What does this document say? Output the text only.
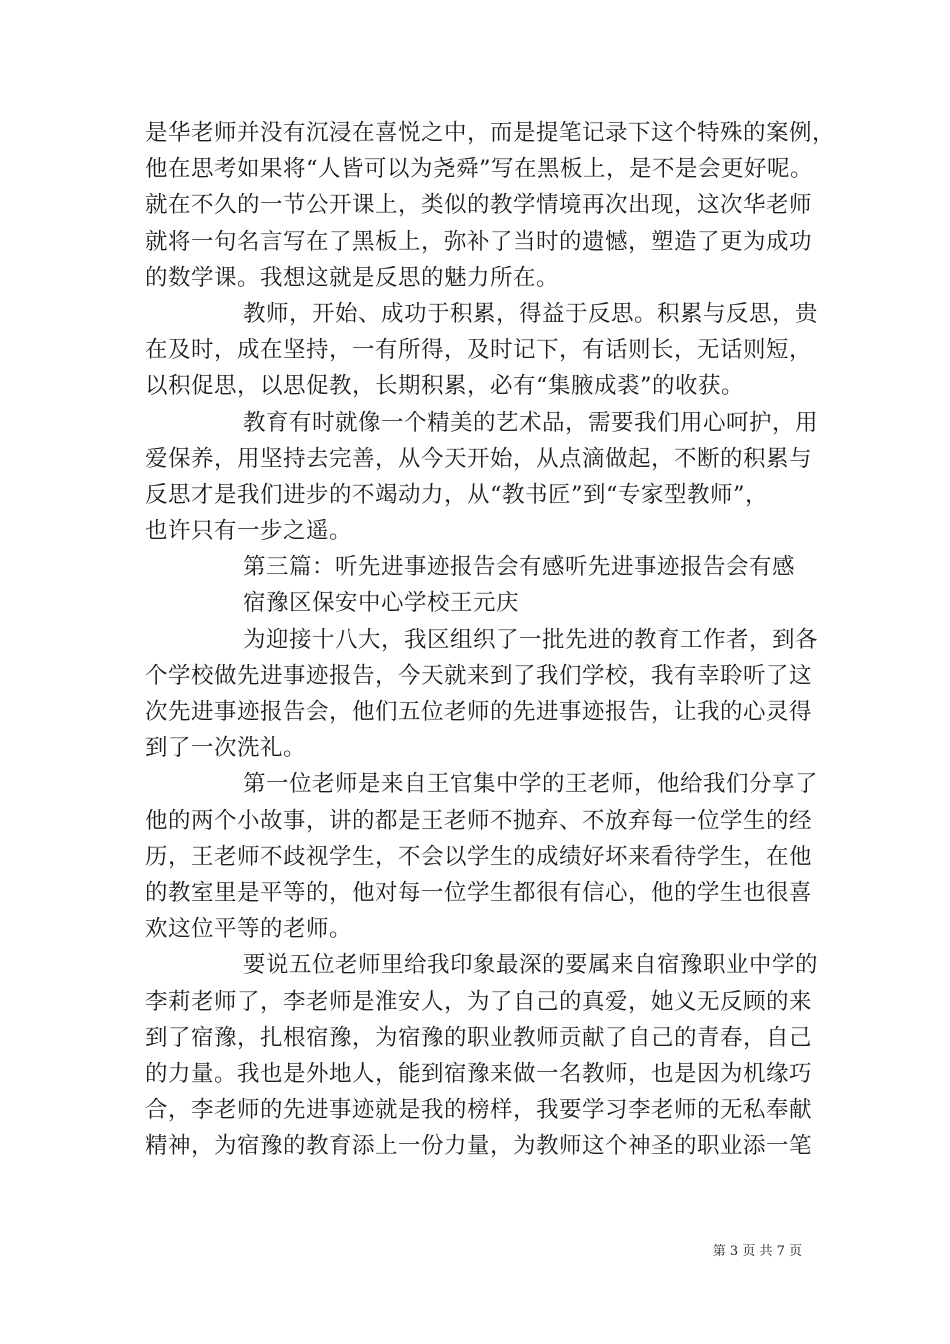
是华老师并没有沉浸在喜悦之中，而是提笔记录下这个特殊的案例，
他在思考如果将“人皆可以为尧舜”写在黑板上，是不是会更好呢。
就在不久的一节公开课上，类似的教学情境再次出现，这次华老师
就将一句名言写在了黑板上，弥补了当时的遗憾，塑造了更为成功
的数学课。我想这就是反思的魅力所在。
教师，开始、成功于积累，得益于反思。积累与反思，贵
在及时，成在坚持，一有所得，及时记下，有话则长，无话则短，
以积促思，以思促教，长期积累，必有“集腋成裘”的收获。
教育有时就像一个精美的艺术品，需要我们用心呵护，用
爱保养，用坚持去完善，从今天开始，从点滴做起，不断的积累与
反思才是我们进步的不竭动力，从“教书匠”到“专家型教师”，
也许只有一步之遥。
第三篇：听先进事迹报告会有感听先进事迹报告会有感
宿豫区保安中心学校王元庆
为迎接十八大，我区组织了一批先进的教育工作者，到各
个学校做先进事迹报告，今天就来到了我们学校，我有幸聆听了这
次先进事迹报告会，他们五位老师的先进事迹报告，让我的心灵得
到了一次洗礼。
第一位老师是来自王官集中学的王老师，他给我们分享了
他的两个小故事，讲的都是王老师不抛弃、不放弃每一位学生的经
历，王老师不歧视学生，不会以学生的成绩好坏来看待学生，在他
的教室里是平等的，他对每一位学生都很有信心，他的学生也很喜
欢这位平等的老师。
要说五位老师里给我印象最深的要属来自宿豫职业中学的
李莉老师了，李老师是淮安人，为了自己的真爱，她义无反顾的来
到了宿豫，扎根宿豫，为宿豫的职业教师贡献了自己的青春，自己
的力量。我也是外地人，能到宿豫来做一名教师，也是因为机缘巧
合，李老师的先进事迹就是我的榜样，我要学习李老师的无私奉献
精神，为宿豫的教育添上一份力量，为教师这个神圣的职业添一笔
第 3 页 共 7 页
